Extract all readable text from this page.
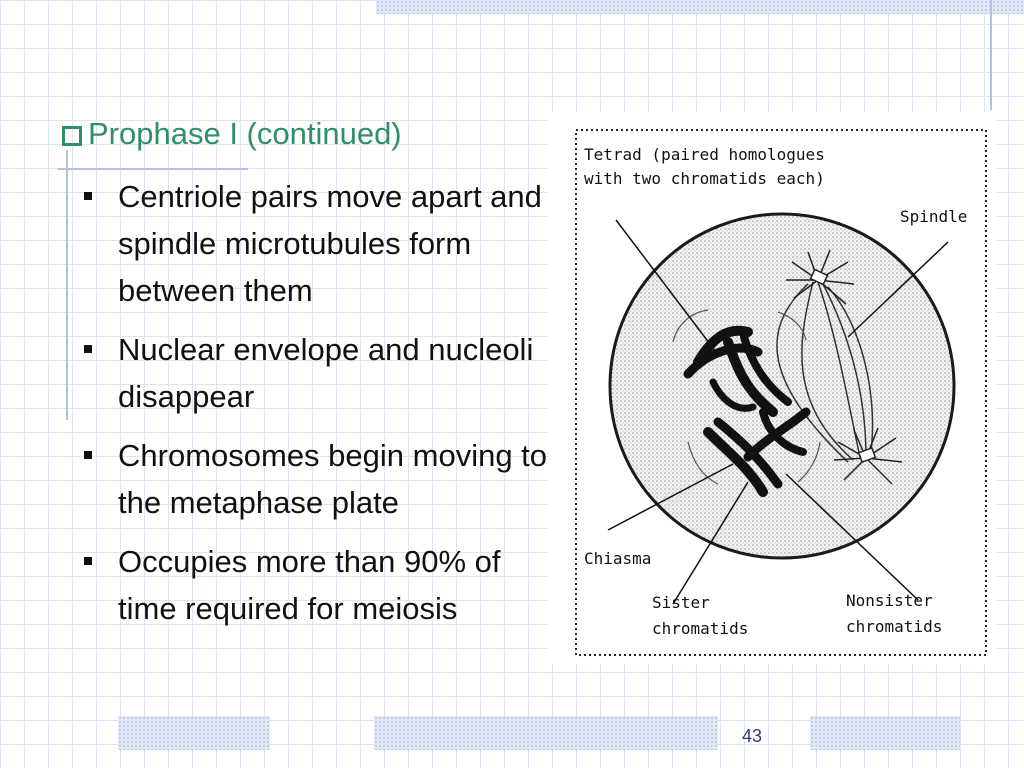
Prophase I (continued)
Centriole pairs move apart and spindle microtubules form between them
Nuclear envelope and nucleoli disappear
Chromosomes begin moving to the metaphase plate
Occupies more than 90% of time required for meiosis
Tetrad (paired homologues
with two chromatids each)
Spindle
Chiasma
Sister
chromatids
Nonsister
chromatids
43
